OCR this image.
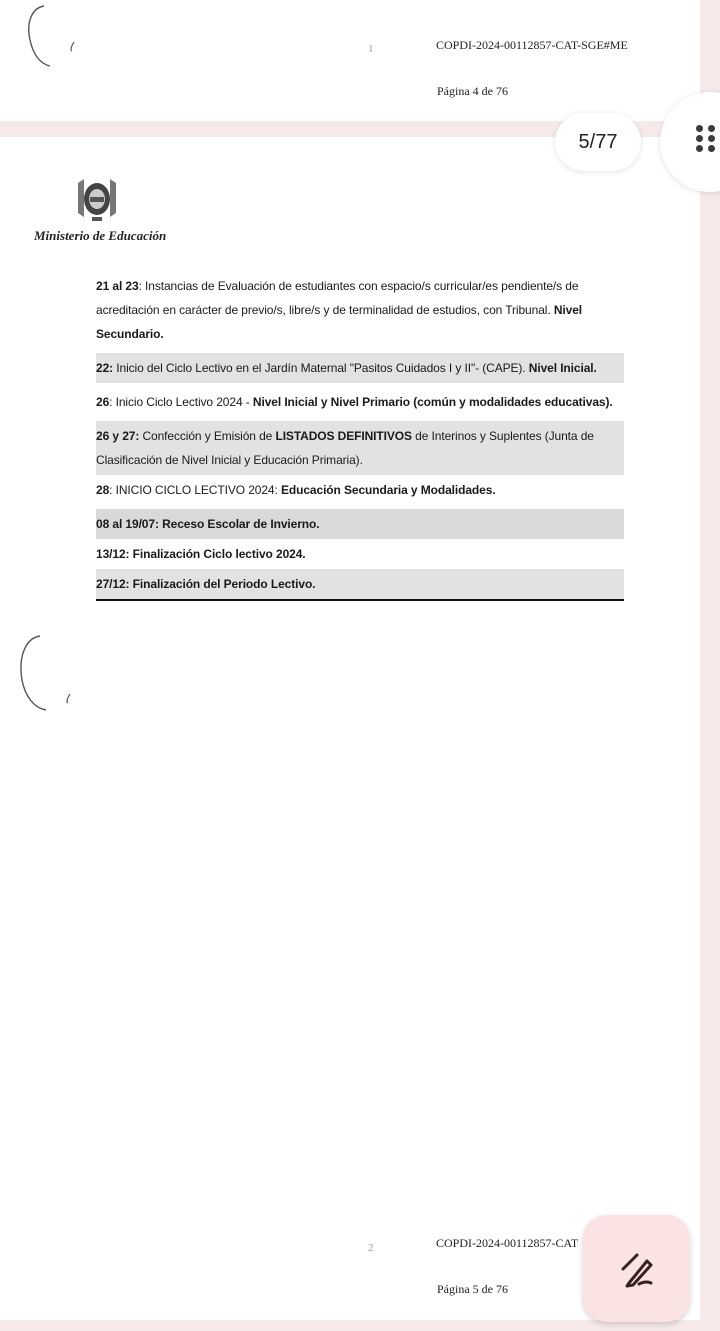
1	COPDI-2024-00112857-CAT-SGE#ME
Página 4 de 76
Ministerio de Educación
21 al 23: Instancias de Evaluación de estudiantes con espacio/s curricular/es pendiente/s de acreditación en carácter de previo/s, libre/s y de terminalidad de estudios, con Tribunal. Nivel Secundario.
22: Inicio del Ciclo Lectivo en el Jardín Maternal "Pasitos Cuidados I y II"- (CAPE). Nivel Inicial.
26: Inicio Ciclo Lectivo 2024 - Nivel Inicial y Nivel Primario (común y modalidades educativas).
26 y 27: Confección y Emisión de LISTADOS DEFINITIVOS de Interinos y Suplentes (Junta de Clasificación de Nivel Inicial y Educación Primaria).
28: INICIO CICLO LECTIVO 2024: Educación Secundaria y Modalidades.
08 al 19/07: Receso Escolar de Invierno.
13/12: Finalización Ciclo lectivo 2024.
27/12: Finalización del Periodo Lectivo.
2	COPDI-2024-00112857-CAT
Página 5 de 76
5/77
